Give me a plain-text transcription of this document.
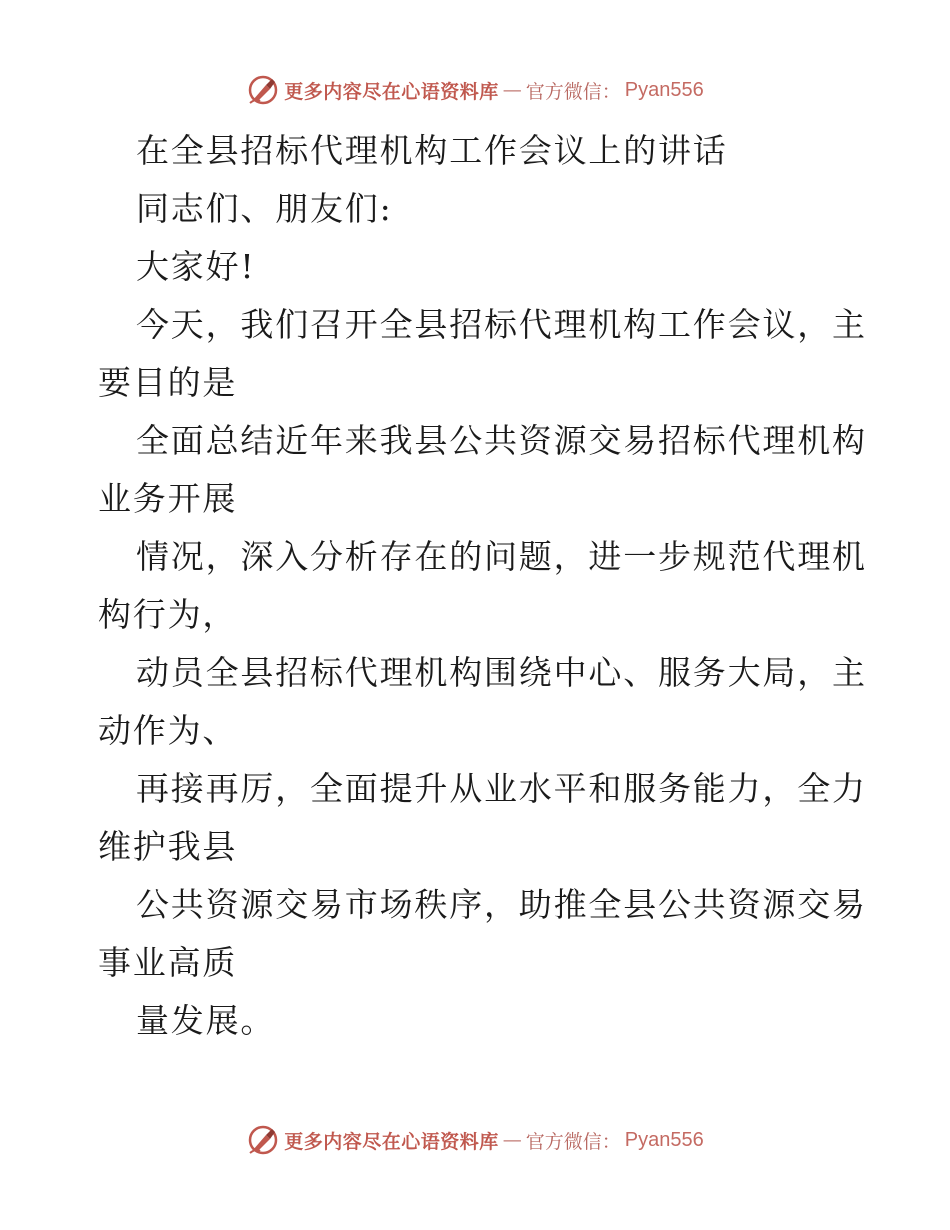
更多内容尽在心语资料库 — 官方微信： Pyan556
在全县招标代理机构工作会议上的讲话
同志们、朋友们:
大家好!
今天，我们召开全县招标代理机构工作会议，主
要目的是
全面总结近年来我县公共资源交易招标代理机构
业务开展
情况，深入分析存在的问题，进一步规范代理机
构行为，
动员全县招标代理机构围绕中心、服务大局，主
动作为、
再接再厉，全面提升从业水平和服务能力，全力
维护我县
公共资源交易市场秩序，助推全县公共资源交易
事业高质
量发展。
更多内容尽在心语资料库 — 官方微信： Pyan556
